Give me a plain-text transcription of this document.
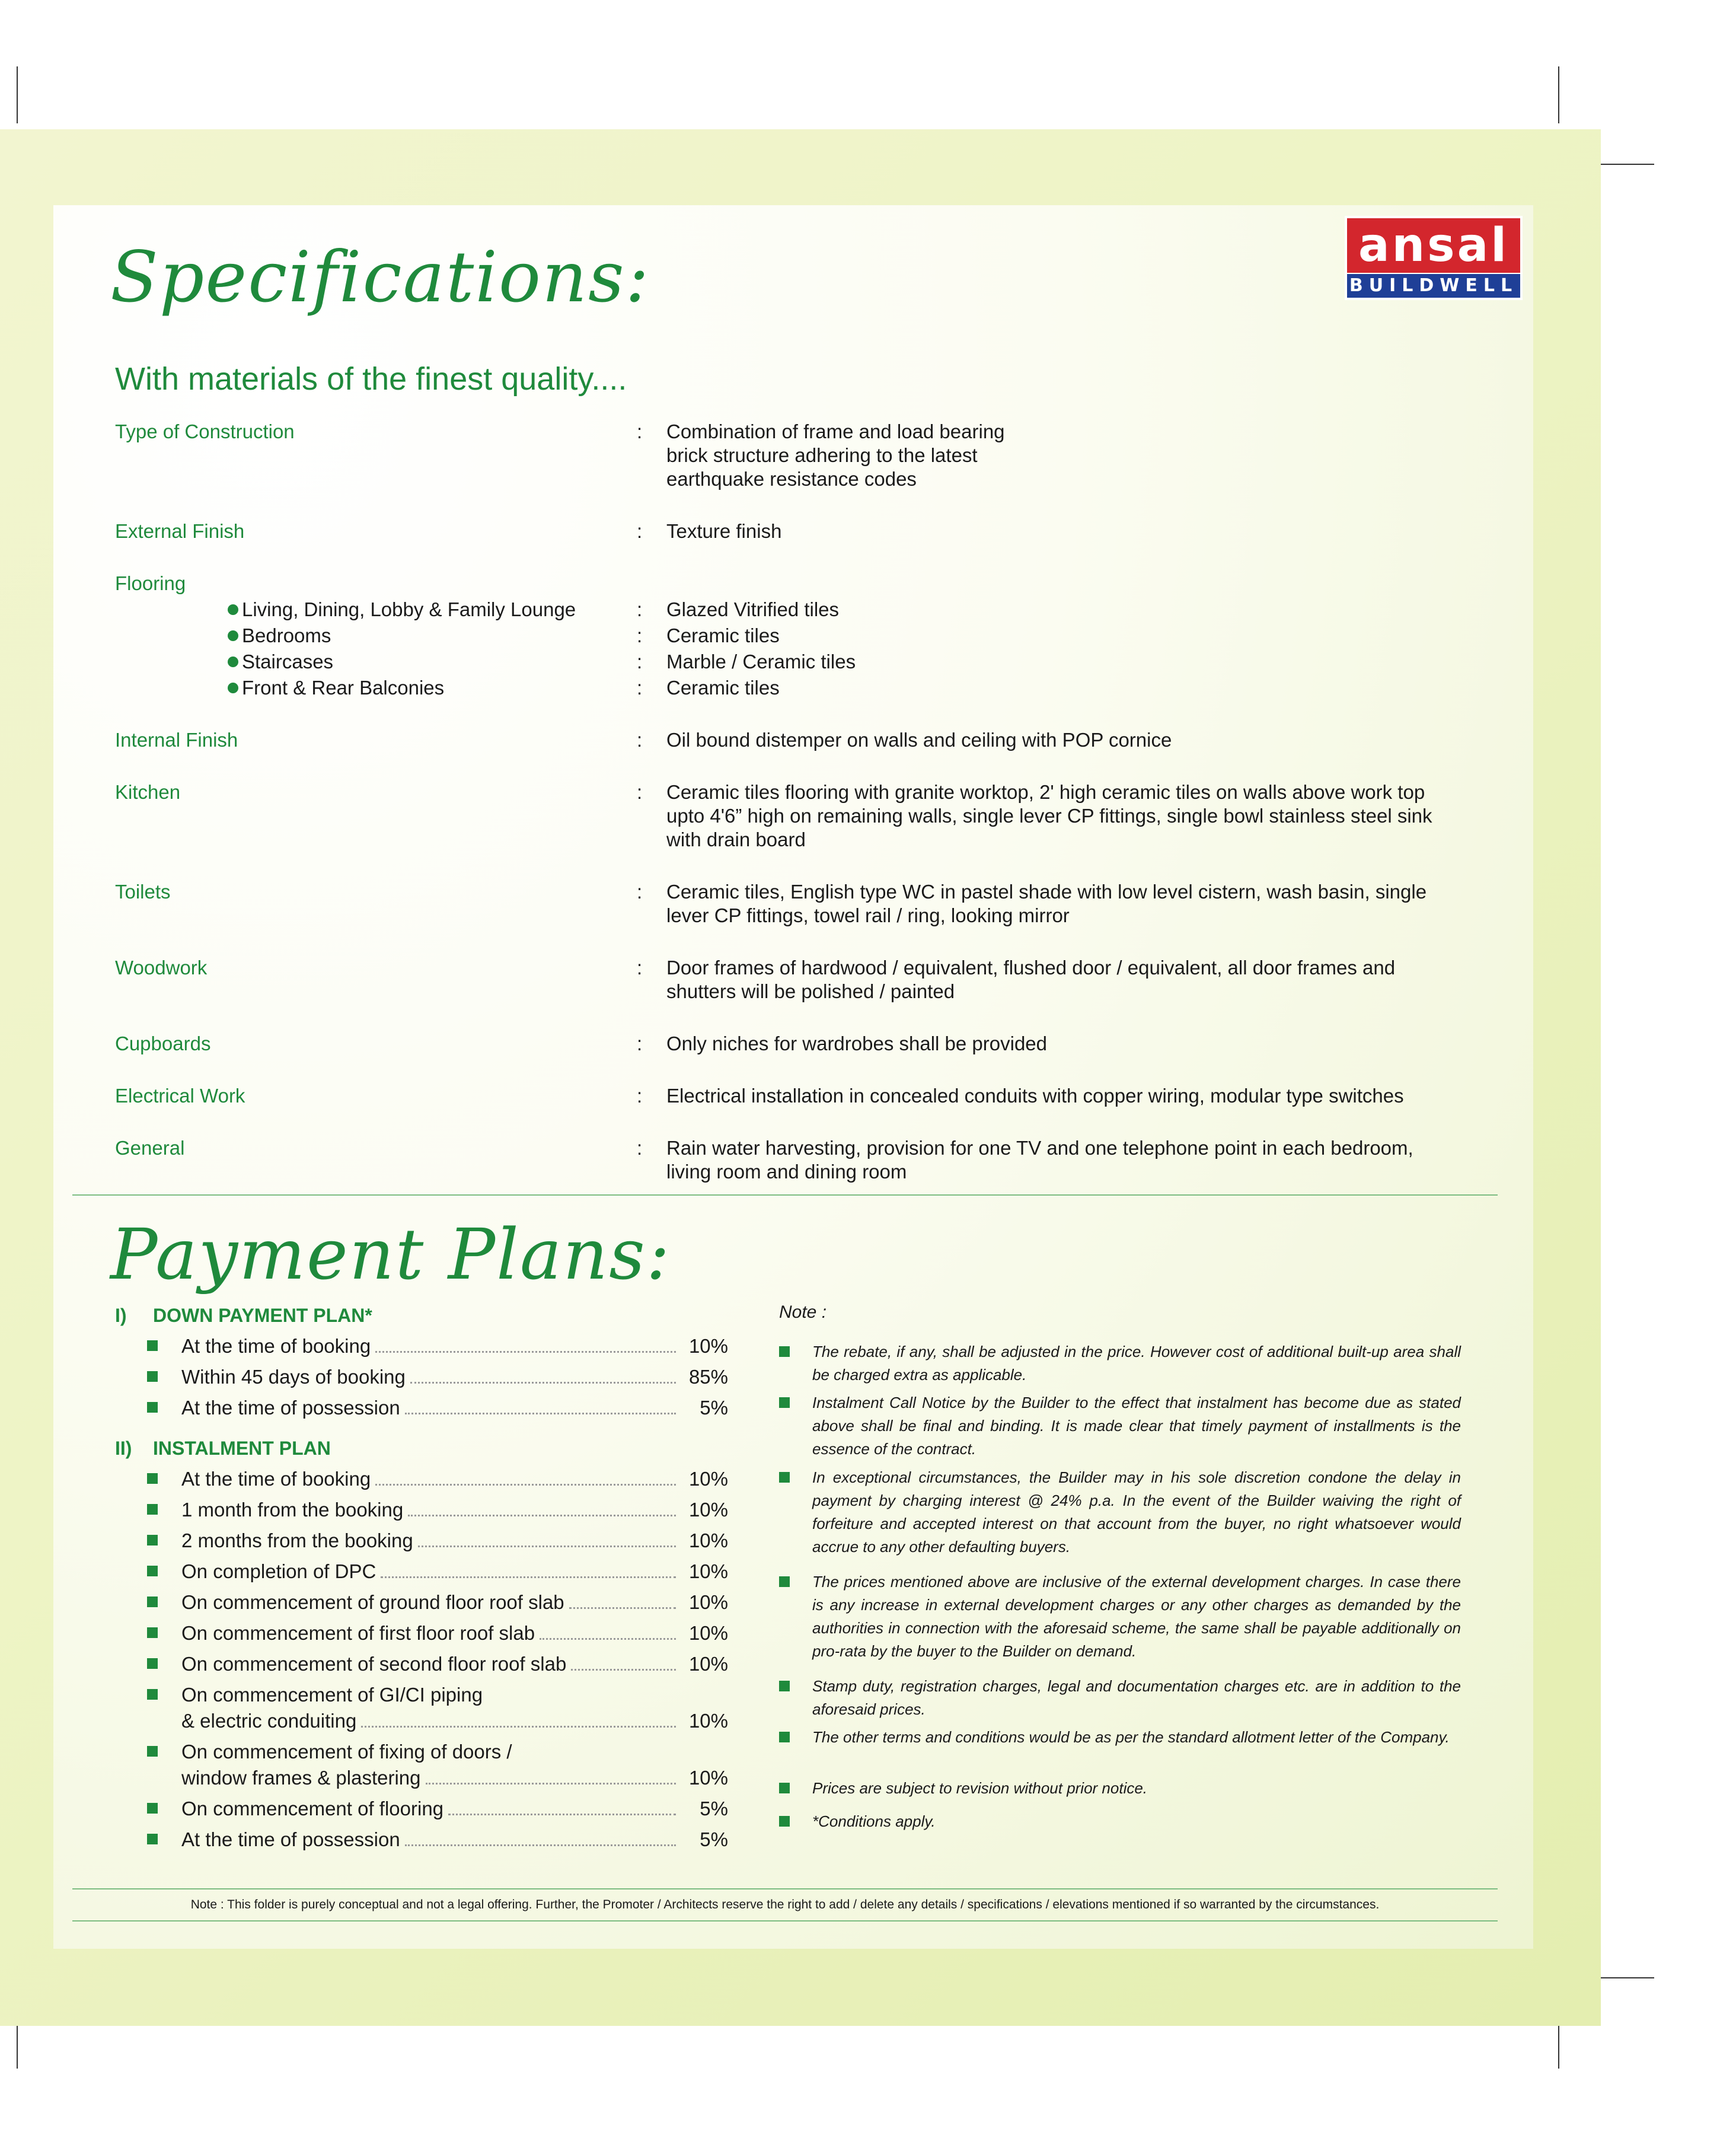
ansal
BUILDWELL
Specifications:
With materials of the finest quality....
Type of Construction	: Combination of frame and load bearing
brick structure adhering to the latest
earthquake resistance codes
External Finish	: Texture finish
Flooring
Internal Finish	: Oil bound distemper on walls and ceiling with POP cornice
Kitchen	: Ceramic tiles flooring with granite worktop, 2' high ceramic tiles on walls above work top
upto 4'6” high on remaining walls, single lever CP fittings, single bowl stainless steel sink
with drain board
Toilets	: Ceramic tiles, English type WC in pastel shade with low level cistern, wash basin, single
lever CP fittings, towel rail / ring, looking mirror
Woodwork	: Door frames of hardwood / equivalent, flushed door / equivalent, all door frames and
shutters will be polished / painted
Cupboards	: Only niches for wardrobes shall be provided
Electrical Work	: Electrical installation in concealed conduits with copper wiring, modular type switches
General	: Rain water harvesting, provision for one TV and one telephone point in each bedroom,
living room and dining room
Living, Dining, Lobby & Family Lounge	: Glazed Vitrified tiles
Bedrooms	: Ceramic tiles
Staircases	: Marble / Ceramic tiles
Front & Rear Balconies	: Ceramic tiles
Payment Plans:
I) DOWN PAYMENT PLAN*
II) INSTALMENT PLAN
Note :
Note : This folder is purely conceptual and not a legal offering. Further, the Promoter / Architects reserve the right to add / delete any details / specifications / elevations mentioned if so warranted by the circumstances.
At the time of booking	10%
Within 45 days of booking	85%
At the time of possession	5%
At the time of booking	10%
1 month from the booking	10%
2 months from the booking	10%
On completion of DPC	10%
On commencement of ground floor roof slab	10%
On commencement of first floor roof slab	10%
On commencement of second floor roof slab	10%
On commencement of GI/CI piping
& electric conduiting	10%
On commencement of fixing of doors /
window frames & plastering	10%
On commencement of flooring	5%
At the time of possession	5%
The rebate, if any, shall be adjusted in the price. However cost of additional built-up area shall be charged extra as applicable.
Instalment Call Notice by the Builder to the effect that instalment has become due as stated above shall be final and binding. It is made clear that timely payment of installments is the essence of the contract.
In exceptional circumstances, the Builder may in his sole discretion condone the delay in payment by charging interest @ 24% p.a. In the event of the Builder waiving the right of forfeiture and accepted interest on that account from the buyer, no right whatsoever would accrue to any other defaulting buyers.
The prices mentioned above are inclusive of the external development charges. In case there is any increase in external development charges or any other charges as demanded by the authorities in connection with the aforesaid scheme, the same shall be payable additionally on pro-rata by the buyer to the Builder on demand.
Stamp duty, registration charges, legal and documentation charges etc. are in addition to the aforesaid prices.
The other terms and conditions would be as per the standard allotment letter of the Company.
Prices are subject to revision without prior notice.
*Conditions apply.
